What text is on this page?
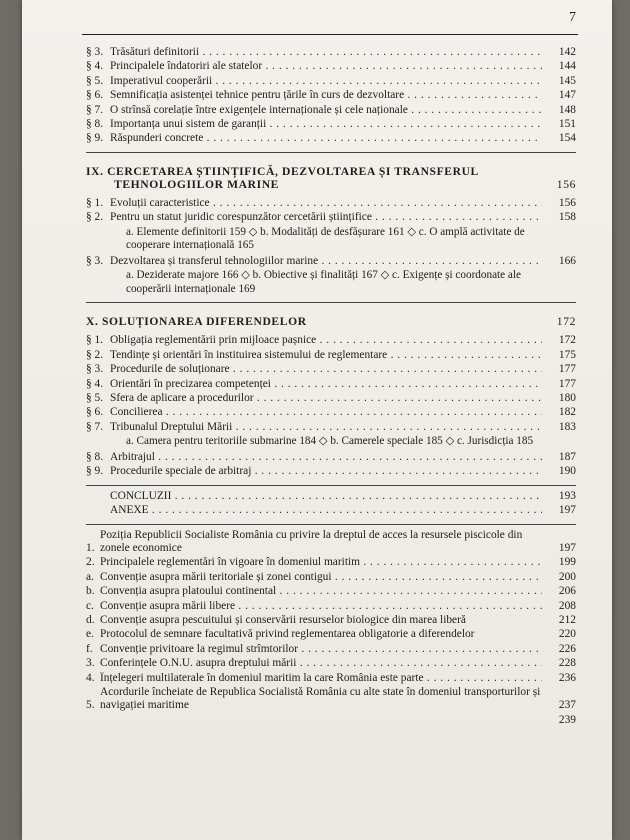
7
§ 3. Trăsături definitorii . . .	142
§ 4. Principalele îndatoriri ale statelor . . .	144
§ 5. Imperativul cooperării . . .	145
§ 6. Semnificația asistenței tehnice pentru țările în curs de dezvoltare . . .	147
§ 7. O strînsă corelație între exigențele internaționale și cele naționale . . .	148
§ 8. Importanța unui sistem de garanții . . .	151
§ 9. Răspunderi concrete . . .	154
IX. CERCETAREA ȘTIINȚIFICĂ, DEZVOLTAREA ȘI TRANSFERUL
TEHNOLOGIILOR MARINE	156
§ 1. Evoluții caracteristice . . .	156
§ 2. Pentru un statut juridic corespunzător cercetării științifice . . .	158
a. Elemente definitorii 159 ◇ b. Modalități de desfășurare 161 ◇ c. O amplă activitate de cooperare internațională 165
§ 3. Dezvoltarea și transferul tehnologiilor marine . . .	166
a. Deziderate majore 166 ◇ b. Obiective și finalități 167 ◇ c. Exigențe și coordonate ale cooperării internaționale 169
X. SOLUȚIONAREA DIFERENDELOR	172
§ 1. Obligația reglementării prin mijloace pașnice . . .	172
§ 2. Tendințe și orientări în instituirea sistemului de reglementare . . .	175
§ 3. Procedurile de soluționare . . .	177
§ 4. Orientări în precizarea competenței . . .	177
§ 5. Sfera de aplicare a procedurilor . . .	180
§ 6. Concilierea . . .	182
§ 7. Tribunalul Dreptului Mării . . .	183
a. Camera pentru teritoriile submarine 184 ◇ b. Camerele speciale 185 ◇ c. Jurisdicția 185
§ 8. Arbitrajul . . .	187
§ 9. Procedurile speciale de arbitraj . . .	190
CONCLUZII . . .	193
ANEXE . . .	197
1.
Poziția Republicii Socialiste România cu privire la dreptul de acces la resursele piscicole din zonele economice	197
2. Principalele reglementări în vigoare în domeniul maritim . . .	199
a. Convenție asupra mării teritoriale și zonei contigui . . .	200
b. Convenția asupra platoului continental . . .	206
c. Convenție asupra mării libere . . .	208
d. Convenție asupra pescuitului și conservării resurselor biologice din marea liberă	212
e. Protocolul de semnare facultativă privind reglementarea obligatorie a diferendelor	220
f. Convenție privitoare la regimul strîmtorilor . . .	226
3. Conferințele O.N.U. asupra dreptului mării . . .	228
4. Înțelegeri multilaterale în domeniul maritim la care România este parte . . .	236
5.
Acordurile încheiate de Republica Socialistă România cu alte state în domeniul transporturilor și navigației maritime	237
239
